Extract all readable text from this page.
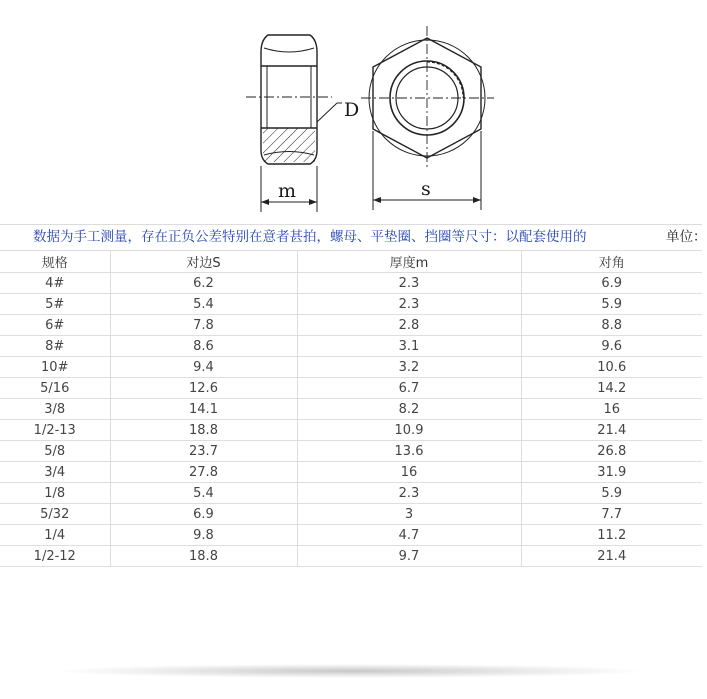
D
m	s
数据为手工测量，存在正负公差特别在意者甚拍，螺母、平垫圈、挡圈等尺寸：以配套使用的	单位：
规格	对边S	厚度m	对角
4#	6.2	2.3	6.9
5#	5.4	2.3	5.9
6#	7.8	2.8	8.8
8#	8.6	3.1	9.6
10#	9.4	3.2	10.6
5/16	12.6	6.7	14.2
3/8	14.1	8.2	16
1/2-13	18.8	10.9	21.4
5/8	23.7	13.6	26.8
3/4	27.8	16	31.9
1/8	5.4	2.3	5.9
5/32	6.9	3	7.7
1/4	9.8	4.7	11.2
1/2-12	18.8	9.7	21.4
